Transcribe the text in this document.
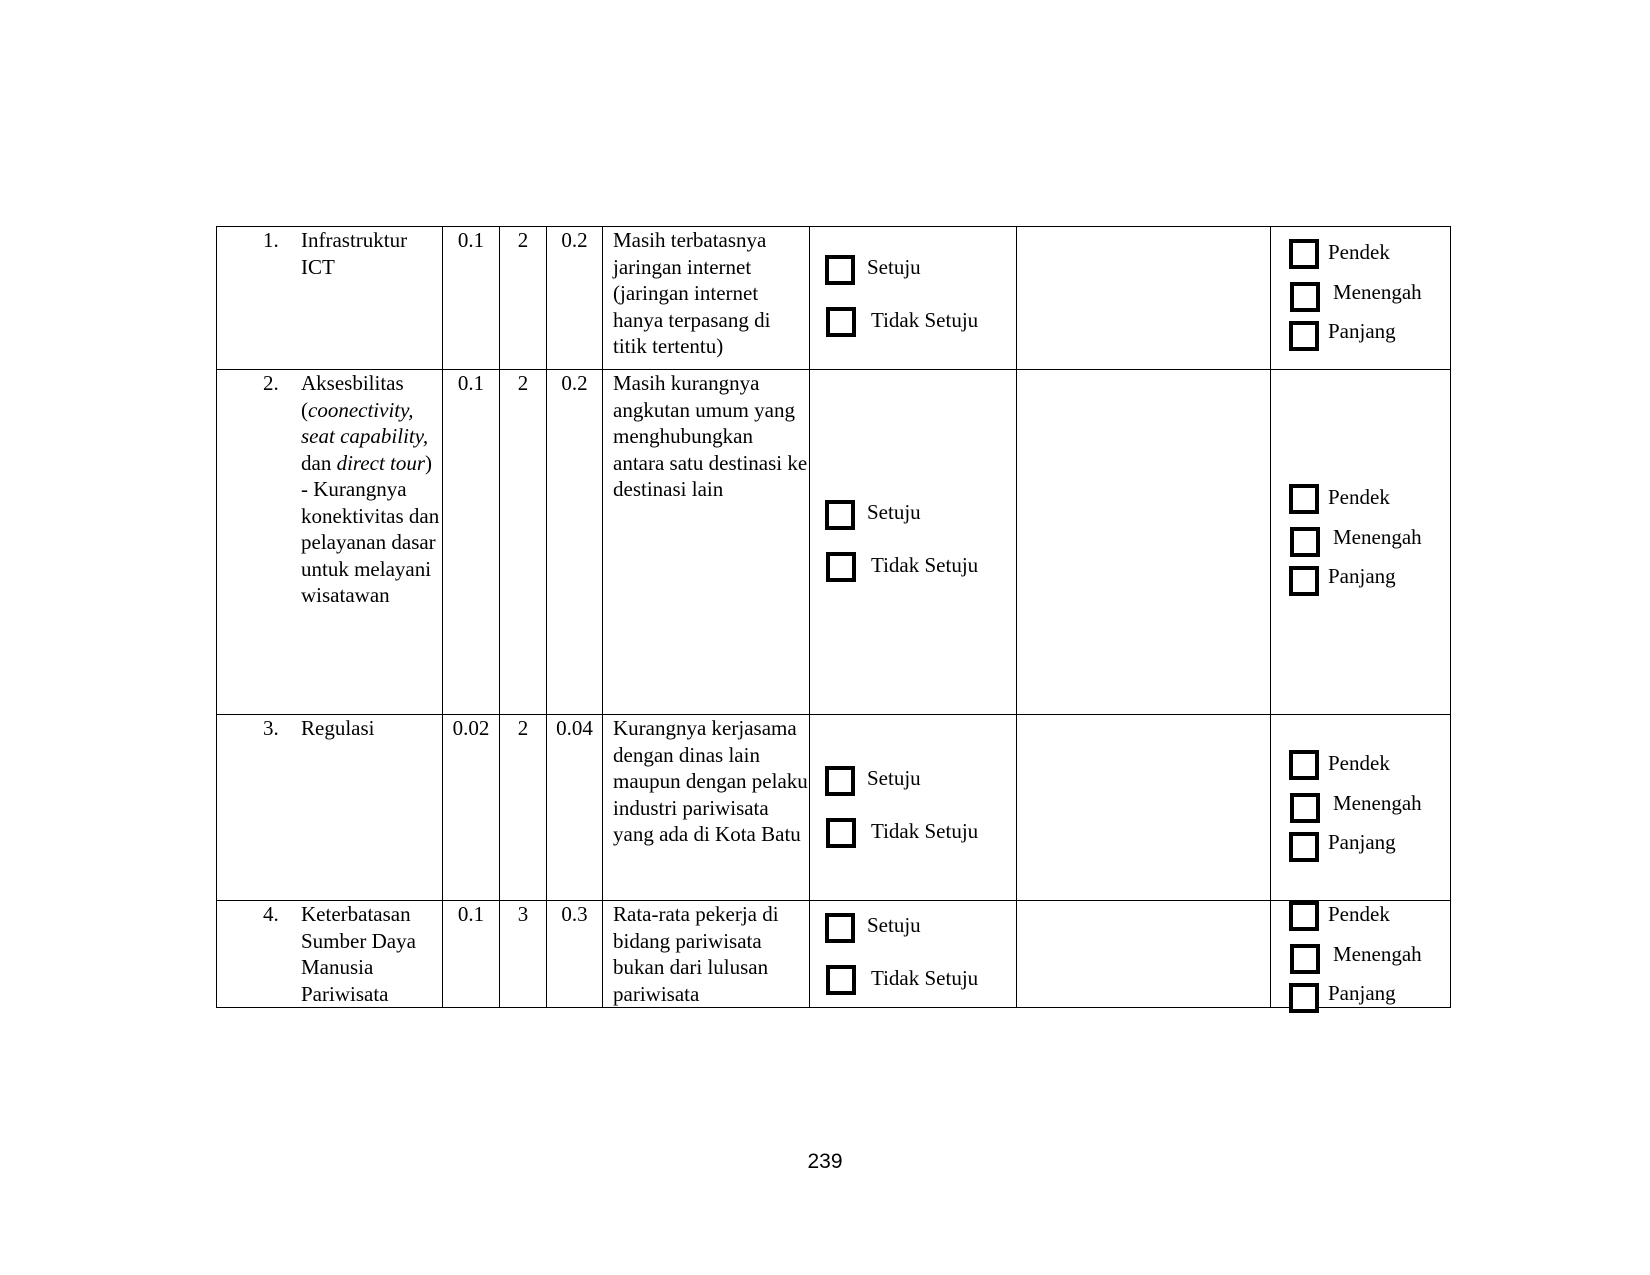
1. Infrastruktur ICT	0.1	2	0.2	Masih terbatasnya jaringan internet (jaringan internet hanya terpasang di titik tertentu)	Setuju
Tidak Setuju		Pendek
Menengah
Panjang

2. Aksesbilitas (coonectivity, seat capability, dan direct tour) - Kurangnya konektivitas dan pelayanan dasar untuk melayani wisatawan	0.1	2	0.2	Masih kurangnya angkutan umum yang menghubungkan antara satu destinasi ke destinasi lain	Setuju
Tidak Setuju		Pendek
Menengah
Panjang

3. Regulasi	0.02	2	0.04	Kurangnya kerjasama dengan dinas lain maupun dengan pelaku industri pariwisata yang ada di Kota Batu	Setuju
Tidak Setuju		Pendek
Menengah
Panjang

4. Keterbatasan Sumber Daya Manusia Pariwisata	0.1	3	0.3	Rata-rata pekerja di bidang pariwisata bukan dari lulusan pariwisata	Setuju
Tidak Setuju		Pendek
Menengah
Panjang
239
